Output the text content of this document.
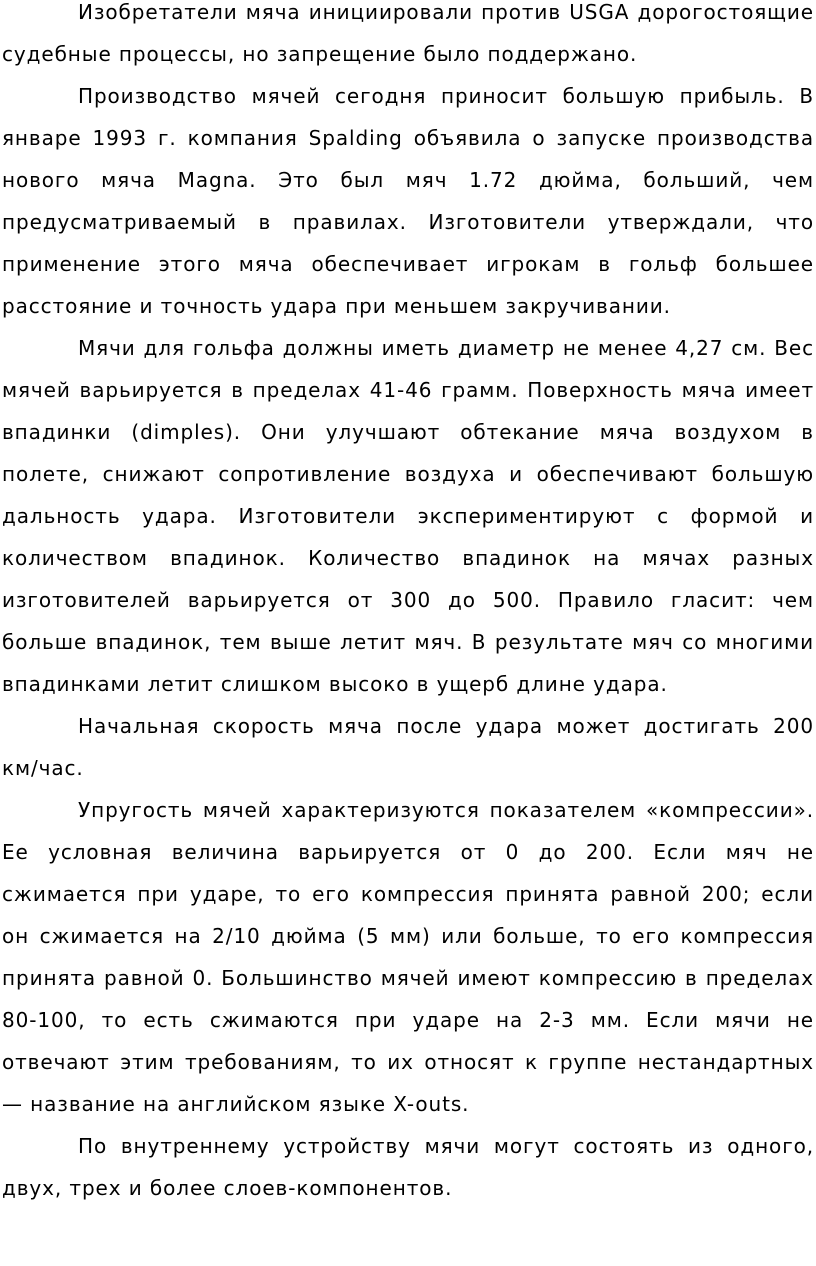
Изобретатели мяча инициировали против USGA дорогостоящие судебные процессы, но запрещение было поддержано.

Производство мячей сегодня приносит большую прибыль. В январе 1993 г. компания Spalding объявила о запуске производства нового мяча Magna. Это был мяч 1.72 дюйма, больший, чем предусматриваемый в правилах. Изготовители утверждали, что применение этого мяча обеспечивает игрокам в гольф большее расстояние и точность удара при меньшем закручивании.

Мячи для гольфа должны иметь диаметр не менее 4,27 см. Вес мячей варьируется в пределах 41-46 грамм. Поверхность мяча имеет впадинки (dimples). Они улучшают обтекание мяча воздухом в полете, снижают сопротивление воздуха и обеспечивают большую дальность удара. Изготовители экспериментируют с формой и количеством впадинок. Количество впадинок на мячах разных изготовителей варьируется от 300 до 500. Правило гласит: чем больше впадинок, тем выше летит мяч. В результате мяч со многими впадинками летит слишком высоко в ущерб длине удара.

Начальная скорость мяча после удара может достигать 200 км/час.

Упругость мячей характеризуются показателем «компрессии». Ее условная величина варьируется от 0 до 200. Если мяч не сжимается при ударе, то его компрессия принята равной 200; если он сжимается на 2/10 дюйма (5 мм) или больше, то его компрессия принята равной 0. Большинство мячей имеют компрессию в пределах 80-100, то есть сжимаются при ударе на 2-3 мм. Если мячи не отвечают этим требованиям, то их относят к группе нестандартных — название на английском языке X-outs.

По внутреннему устройству мячи могут состоять из одного, двух, трех и более слоев-компонентов.
